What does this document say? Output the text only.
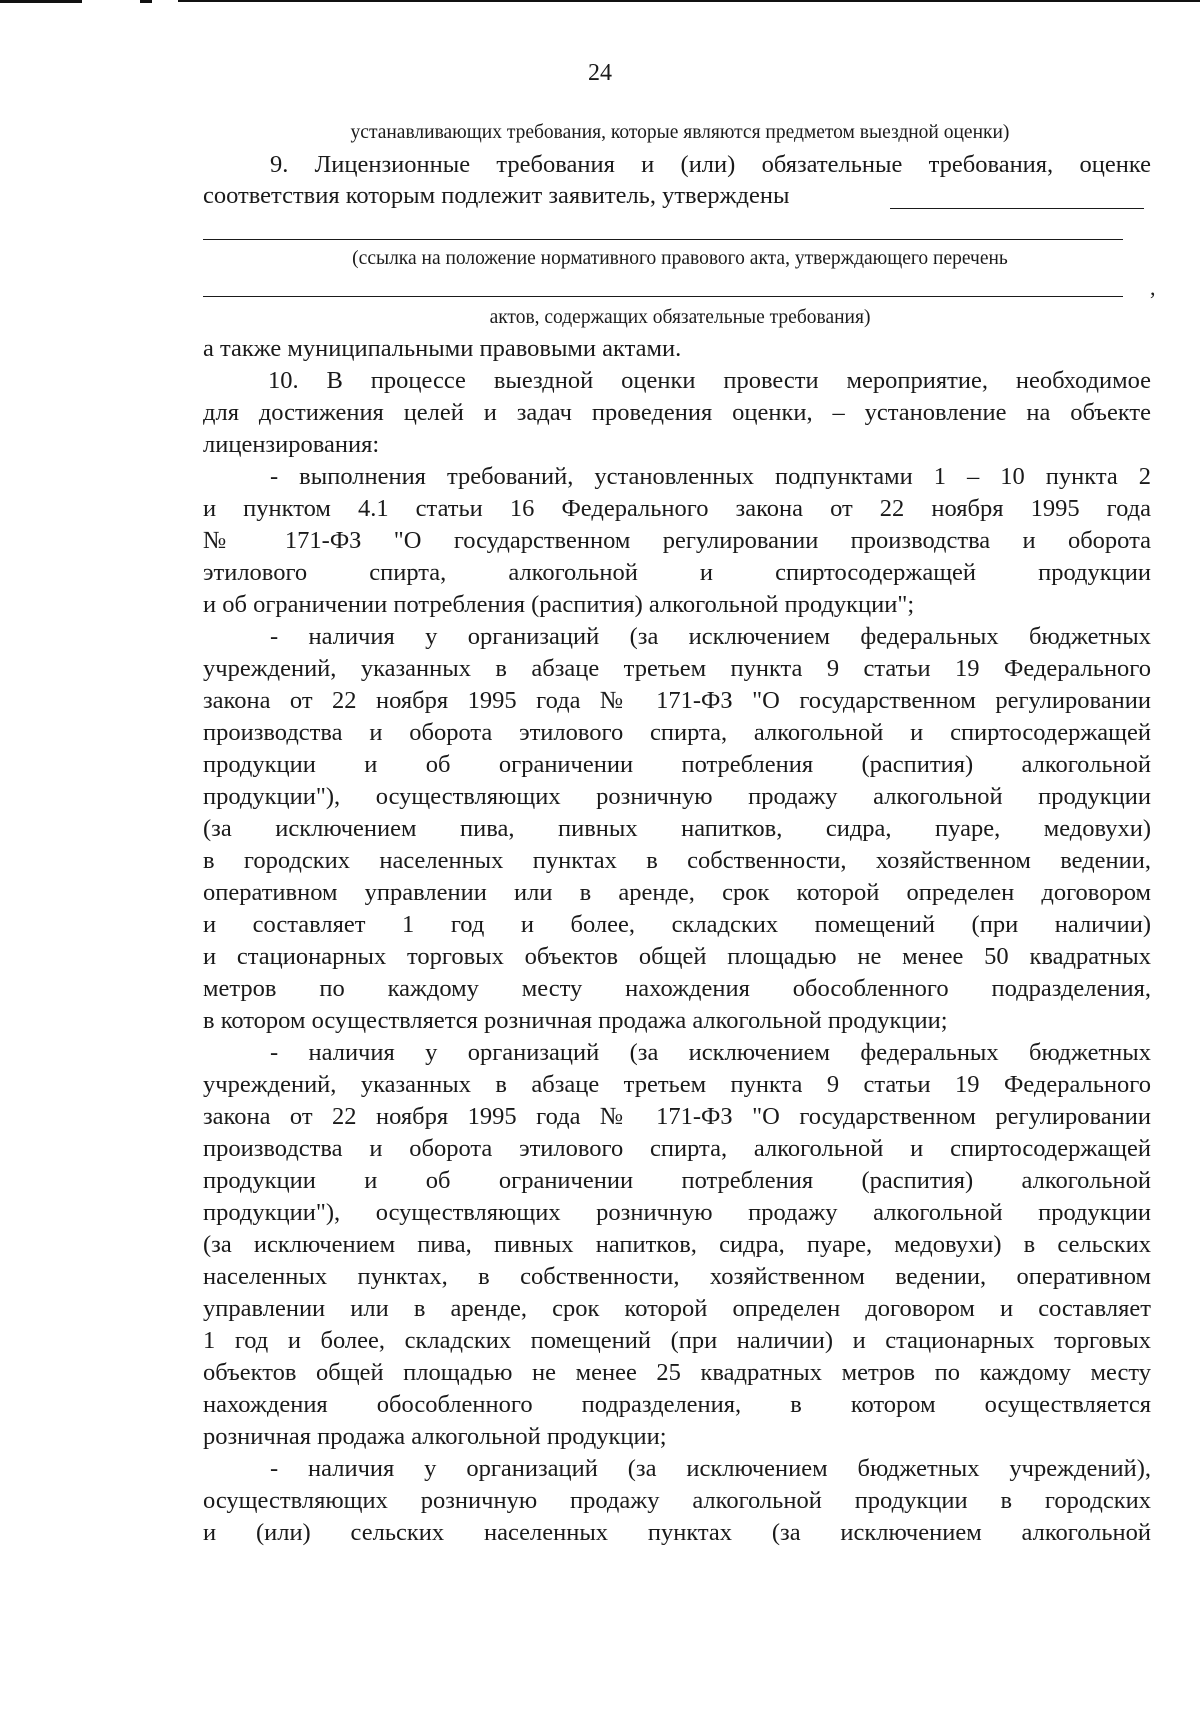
24
устанавливающих требования, которые являются предметом выездной оценки)
9. Лицензионные требования и (или) обязательные требования, оценке
соответствия которым подлежит заявитель, утверждены
(ссылка на положение нормативного правового акта, утверждающего перечень
,
актов, содержащих обязательные требования)
а также муниципальными правовыми актами.
10. В процессе выездной оценки провести мероприятие, необходимое
для достижения целей и задач проведения оценки, – установление на объекте
лицензирования:
- выполнения требований, установленных подпунктами 1 – 10 пункта 2
и пунктом 4.1 статьи 16 Федерального закона от 22 ноября 1995 года
№ 171-ФЗ "О государственном регулировании производства и оборота
этилового спирта, алкогольной и спиртосодержащей продукции
и об ограничении потребления (распития) алкогольной продукции";
- наличия у организаций (за исключением федеральных бюджетных
учреждений, указанных в абзаце третьем пункта 9 статьи 19 Федерального
закона от 22 ноября 1995 года № 171-ФЗ "О государственном регулировании
производства и оборота этилового спирта, алкогольной и спиртосодержащей
продукции и об ограничении потребления (распития) алкогольной
продукции"), осуществляющих розничную продажу алкогольной продукции
(за исключением пива, пивных напитков, сидра, пуаре, медовухи)
в городских населенных пунктах в собственности, хозяйственном ведении,
оперативном управлении или в аренде, срок которой определен договором
и составляет 1 год и более, складских помещений (при наличии)
и стационарных торговых объектов общей площадью не менее 50 квадратных
метров по каждому месту нахождения обособленного подразделения,
в котором осуществляется розничная продажа алкогольной продукции;
- наличия у организаций (за исключением федеральных бюджетных
учреждений, указанных в абзаце третьем пункта 9 статьи 19 Федерального
закона от 22 ноября 1995 года № 171-ФЗ "О государственном регулировании
производства и оборота этилового спирта, алкогольной и спиртосодержащей
продукции и об ограничении потребления (распития) алкогольной
продукции"), осуществляющих розничную продажу алкогольной продукции
(за исключением пива, пивных напитков, сидра, пуаре, медовухи) в сельских
населенных пунктах, в собственности, хозяйственном ведении, оперативном
управлении или в аренде, срок которой определен договором и составляет
1 год и более, складских помещений (при наличии) и стационарных торговых
объектов общей площадью не менее 25 квадратных метров по каждому месту
нахождения обособленного подразделения, в котором осуществляется
розничная продажа алкогольной продукции;
- наличия у организаций (за исключением бюджетных учреждений),
осуществляющих розничную продажу алкогольной продукции в городских
и (или) сельских населенных пунктах (за исключением алкогольной
